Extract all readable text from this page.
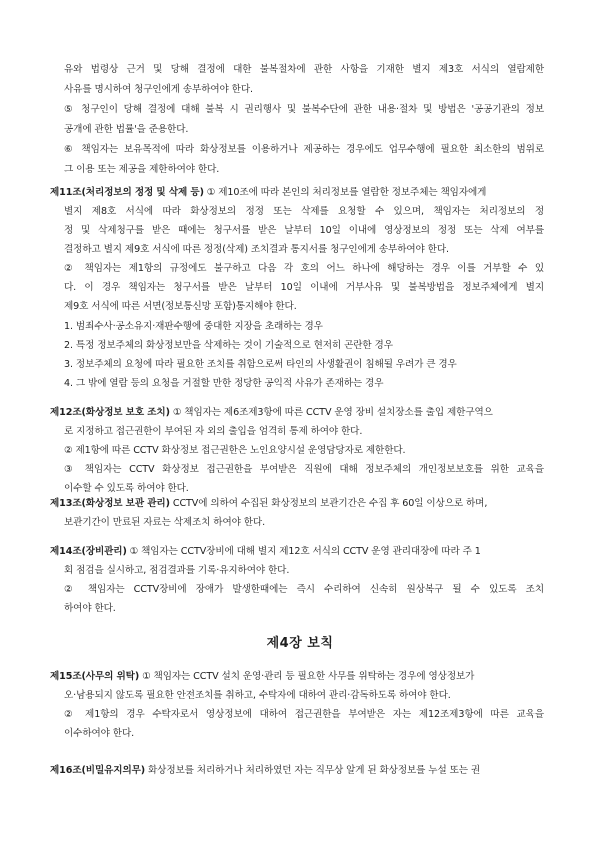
유와 법령상 근거 및 당해 결정에 대한 불복절차에 관한 사항을 기재한 별지 제3호 서식의 열람제한
사유를 명시하여 청구인에게 송부하여야 한다.
⑤ 청구인이 당해 결정에 대해 불복 시 권리행사 및 불복수단에 관한 내용·절차 및 방법은 '공공기관의 정보
공개에 관한 법률'을 준용한다.
⑥ 책임자는 보유목적에 따라 화상정보를 이용하거나 제공하는 경우에도 업무수행에 필요한 최소한의 범위로
그 이용 또는 제공을 제한하여야 한다.
제11조(처리정보의 정정 및 삭제 등) ① 제10조에 따라 본인의 처리정보를 열람한 정보주체는 책임자에게
별지 제8호 서식에 따라 화상정보의 정정 또는 삭제를 요청할 수 있으며, 책임자는 처리정보의 정
정 및 삭제청구를 받은 때에는 청구서를 받은 날부터 10일 이내에 영상정보의 정정 또는 삭제 여부를
결정하고 별지 제9호 서식에 따른 정정(삭제) 조치결과 통지서를 청구인에게 송부하여야 한다.
② 책임자는 제1항의 규정에도 불구하고 다음 각 호의 어느 하나에 해당하는 경우 이를 거부할 수 있
다. 이 경우 책임자는 청구서를 받은 날부터 10일 이내에 거부사유 및 불복방법을 정보주체에게 별지
제9호 서식에 따른 서면(정보통신망 포함)통지해야 한다.
1. 범죄수사·공소유지·재판수행에 중대한 지장을 초래하는 경우
2. 특정 정보주체의 화상정보만을 삭제하는 것이 기술적으로 현저히 곤란한 경우
3. 정보주체의 요청에 따라 필요한 조치를 취함으로써 타인의 사생활권이 침해될 우려가 큰 경우
4. 그 밖에 열람 등의 요청을 거절할 만한 정당한 공익적 사유가 존재하는 경우
제12조(화상정보 보호 조치) ① 책임자는 제6조제3항에 따른 CCTV 운영 장비 설치장소를 출입 제한구역으
로 지정하고 접근권한이 부여된 자 외의 출입을 엄격히 통제 하여야 한다.
② 제1항에 따른 CCTV 화상정보 접근권한은 노인요양시설 운영담당자로 제한한다.
③ 책임자는 CCTV 화상정보 접근권한을 부여받은 직원에 대해 정보주체의 개인정보보호를 위한 교육을
이수할 수 있도록 하여야 한다.
제13조(화상정보 보관 관리) CCTV에 의하여 수집된 화상정보의 보관기간은 수집 후 60일 이상으로 하며,
보관기간이 만료된 자료는 삭제조치 하여야 한다.
제14조(장비관리) ① 책임자는 CCTV장비에 대해 별지 제12호 서식의 CCTV 운영 관리대장에 따라 주 1
회 점검을 실시하고, 점검결과를 기록·유지하여야 한다.
② 책임자는 CCTV장비에 장애가 발생한때에는 즉시 수리하여 신속히 원상복구 될 수 있도록 조치
하여야 한다.
제4장 보칙
제15조(사무의 위탁) ① 책임자는 CCTV 설치 운영·관리 등 필요한 사무를 위탁하는 경우에 영상정보가
오·남용되지 않도록 필요한 안전조치를 취하고, 수탁자에 대하여 관리·감독하도록 하여야 한다.
② 제1항의 경우 수탁자로서 영상정보에 대하여 접근권한을 부여받은 자는 제12조제3항에 따른 교육을
이수하여야 한다.
제16조(비밀유지의무) 화상정보를 처리하거나 처리하였던 자는 직무상 알게 된 화상정보를 누설 또는 권
